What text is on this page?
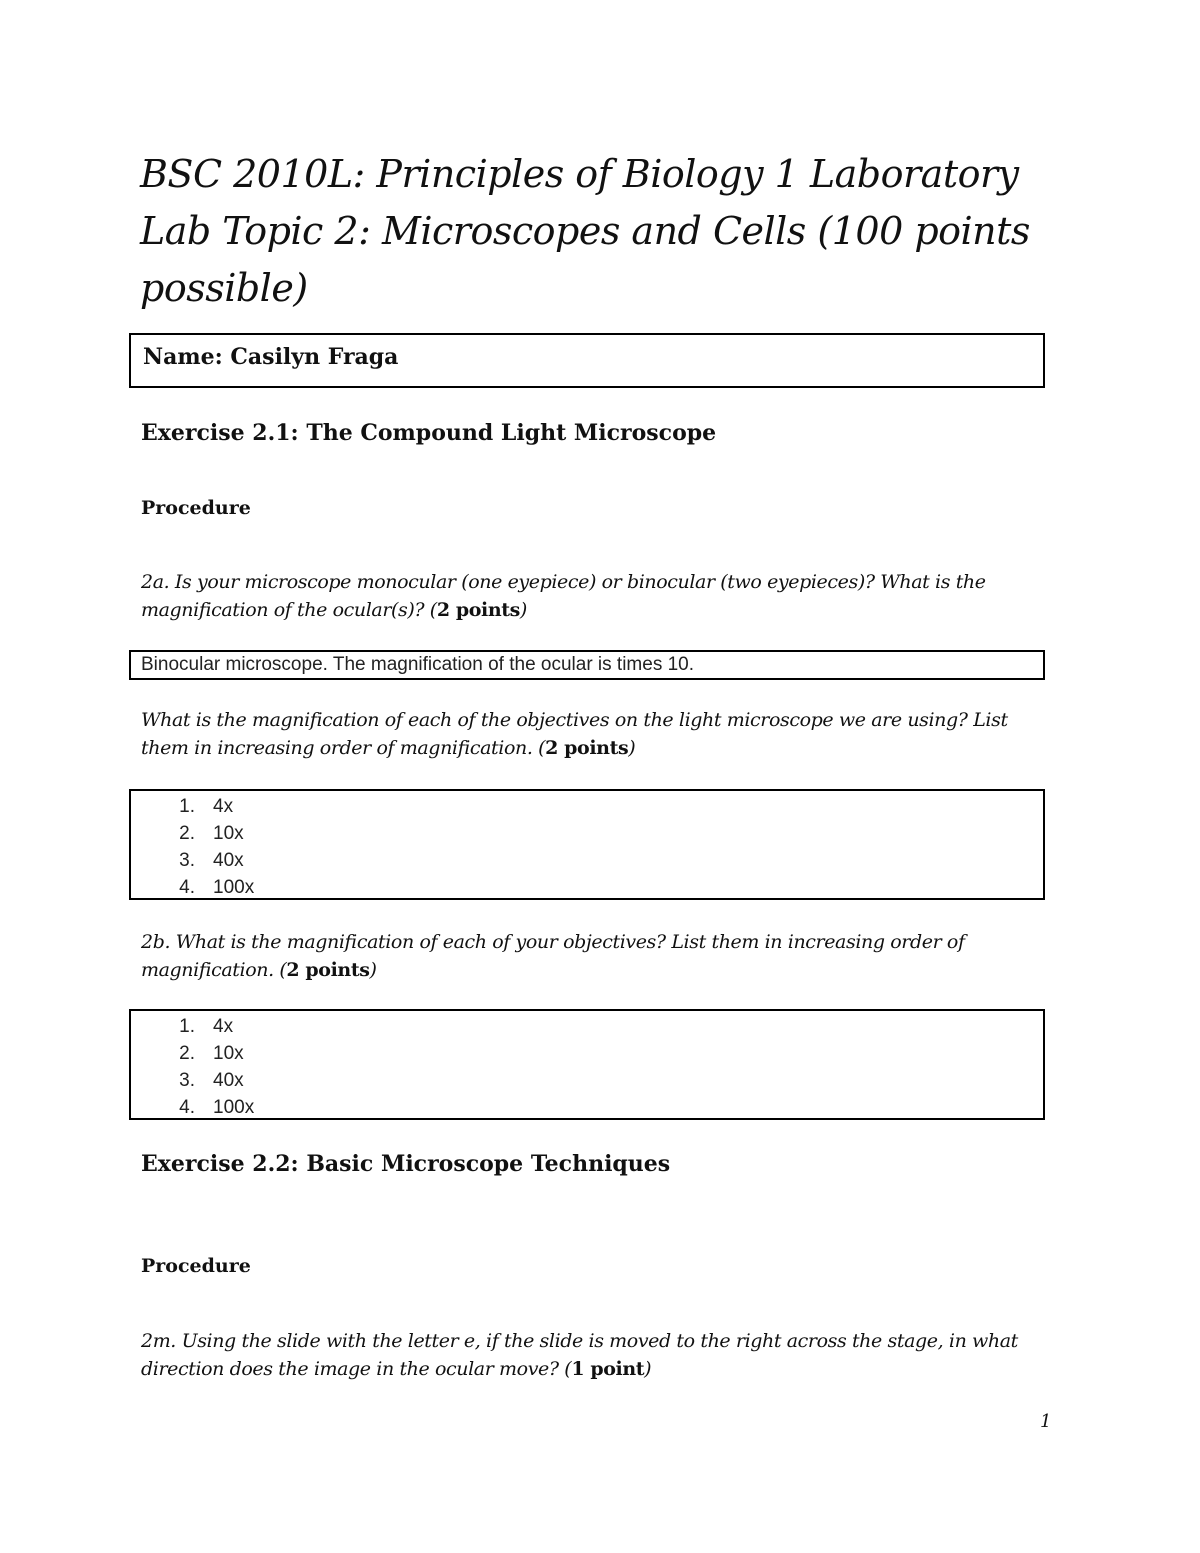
BSC 2010L: Principles of Biology 1 Laboratory
Lab Topic 2: Microscopes and Cells (100 points
possible)
Name: Casilyn Fraga
Exercise 2.1: The Compound Light Microscope
Procedure

2a. Is your microscope monocular (one eyepiece) or binocular (two eyepieces)? What is the
magnification of the ocular(s)? (2 points)

Binocular microscope. The magnification of the ocular is times 10.

What is the magnification of each of the objectives on the light microscope we are using? List
them in increasing order of magnification. (2 points)

1. 4x
2. 10x
3. 40x
4. 100x

2b. What is the magnification of each of your objectives? List them in increasing order of
magnification. (2 points)

1. 4x
2. 10x
3. 40x
4. 100x
Exercise 2.2: Basic Microscope Techniques
Procedure

2m. Using the slide with the letter e, if the slide is moved to the right across the stage, in what
direction does the image in the ocular move? (1 point)

1
